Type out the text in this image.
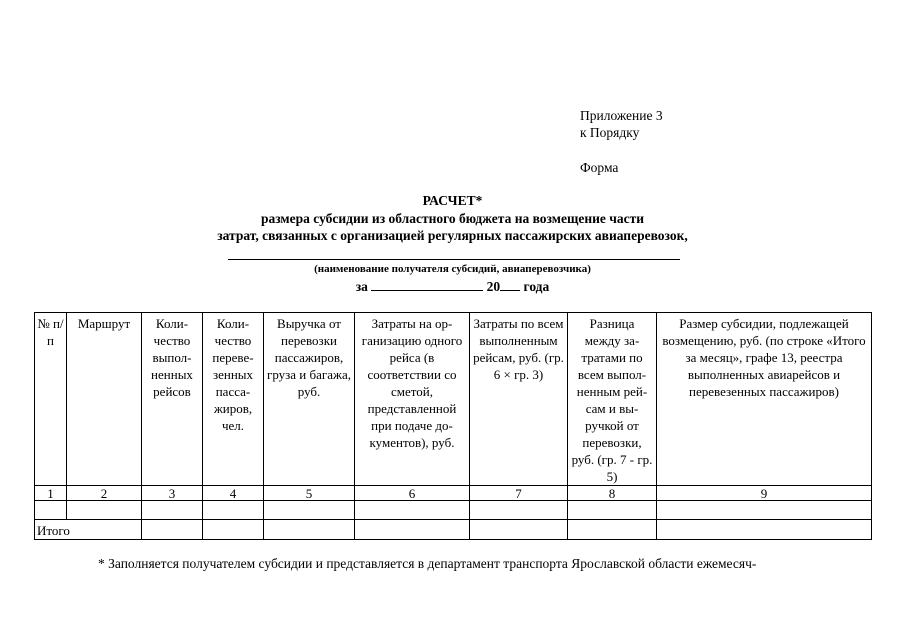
Приложение 3
к Порядку
Форма
РАСЧЕТ*
размера субсидии из областного бюджета на возмещение части
затрат, связанных с организацией регулярных пассажирских авиаперевозок,
(наименование получателя субсидий, авиаперевозчика)
за	20 года
№ п/п	Маршрут	Количество выполненных рейсов	Количество перевезенных пассажиров, чел.	Выручка от перевозки пассажиров, груза и багажа, руб.	Затраты на организацию одного рейса (в соответствии со сметой, представленной при подаче документов), руб.	Затраты по всем выполненным рейсам, руб. (гр. 6 × гр. 3)	Разница между затратами по всем выполненным рейсам и выручкой от перевозки, руб. (гр. 7 - гр. 5)	Размер субсидии, подлежащей возмещению, руб. (по строке «Итого за месяц», графе 13, реестра выполненных авиарейсов и перевезенных пассажиров)
1	2	3	4	5	6	7	8	9

Итого								
* Заполняется получателем субсидии и представляется в департамент транспорта Ярославской области ежемесяч-
